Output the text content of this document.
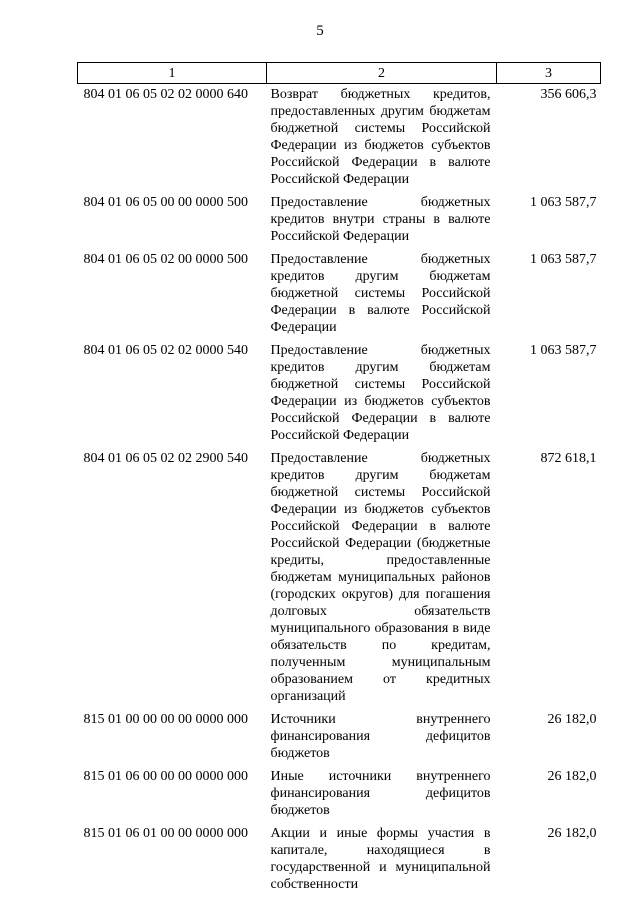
5
1	2	3
804 01 06 05 02 02 0000 640	Возврат бюджетных кредитов, предоставленных другим бюджетам бюджетной системы Российской Федерации из бюджетов субъектов Российской Федерации в валюте Российской Федерации	356 606,3
804 01 06 05 00 00 0000 500	Предоставление бюджетных кредитов внутри страны в валюте Российской Федерации	1 063 587,7
804 01 06 05 02 00 0000 500	Предоставление бюджетных кредитов другим бюджетам бюджетной системы Российской Федерации в валюте Российской Федерации	1 063 587,7
804 01 06 05 02 02 0000 540	Предоставление бюджетных кредитов другим бюджетам бюджетной системы Российской Федерации из бюджетов субъектов Российской Федерации в валюте Российской Федерации	1 063 587,7
804 01 06 05 02 02 2900 540	Предоставление бюджетных кредитов другим бюджетам бюджетной системы Российской Федерации из бюджетов субъектов Российской Федерации в валюте Российской Федерации (бюджетные кредиты, предоставленные бюджетам муниципальных районов (городских округов) для погашения долговых обязательств муниципального образования в виде обязательств по кредитам, полученным муниципальным образованием от кредитных организаций	872 618,1
815 01 00 00 00 00 0000 000	Источники внутреннего финансирования дефицитов бюджетов	26 182,0
815 01 06 00 00 00 0000 000	Иные источники внутреннего финансирования дефицитов бюджетов	26 182,0
815 01 06 01 00 00 0000 000	Акции и иные формы участия в капитале, находящиеся в государственной и муниципальной собственности	26 182,0
